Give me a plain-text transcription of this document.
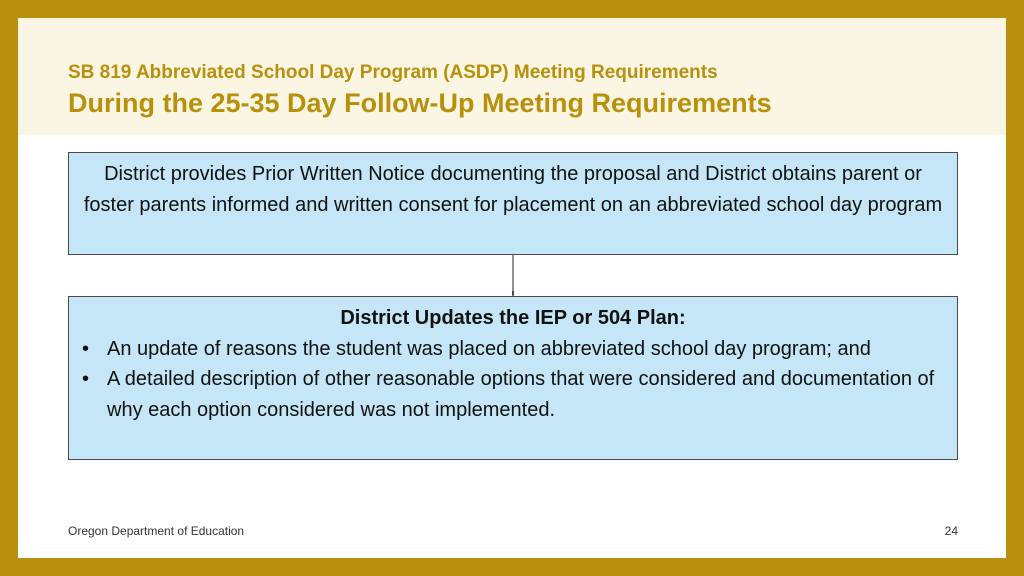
SB 819 Abbreviated School Day Program (ASDP) Meeting Requirements
During the 25-35 Day Follow-Up Meeting Requirements
District provides Prior Written Notice documenting the proposal and District obtains parent or foster parents informed and written consent for placement on an abbreviated school day program
District Updates the IEP or 504 Plan:
• An update of reasons the student was placed on abbreviated school day program; and
• A detailed description of other reasonable options that were considered and documentation of why each option considered was not implemented.
Oregon Department of Education	24
